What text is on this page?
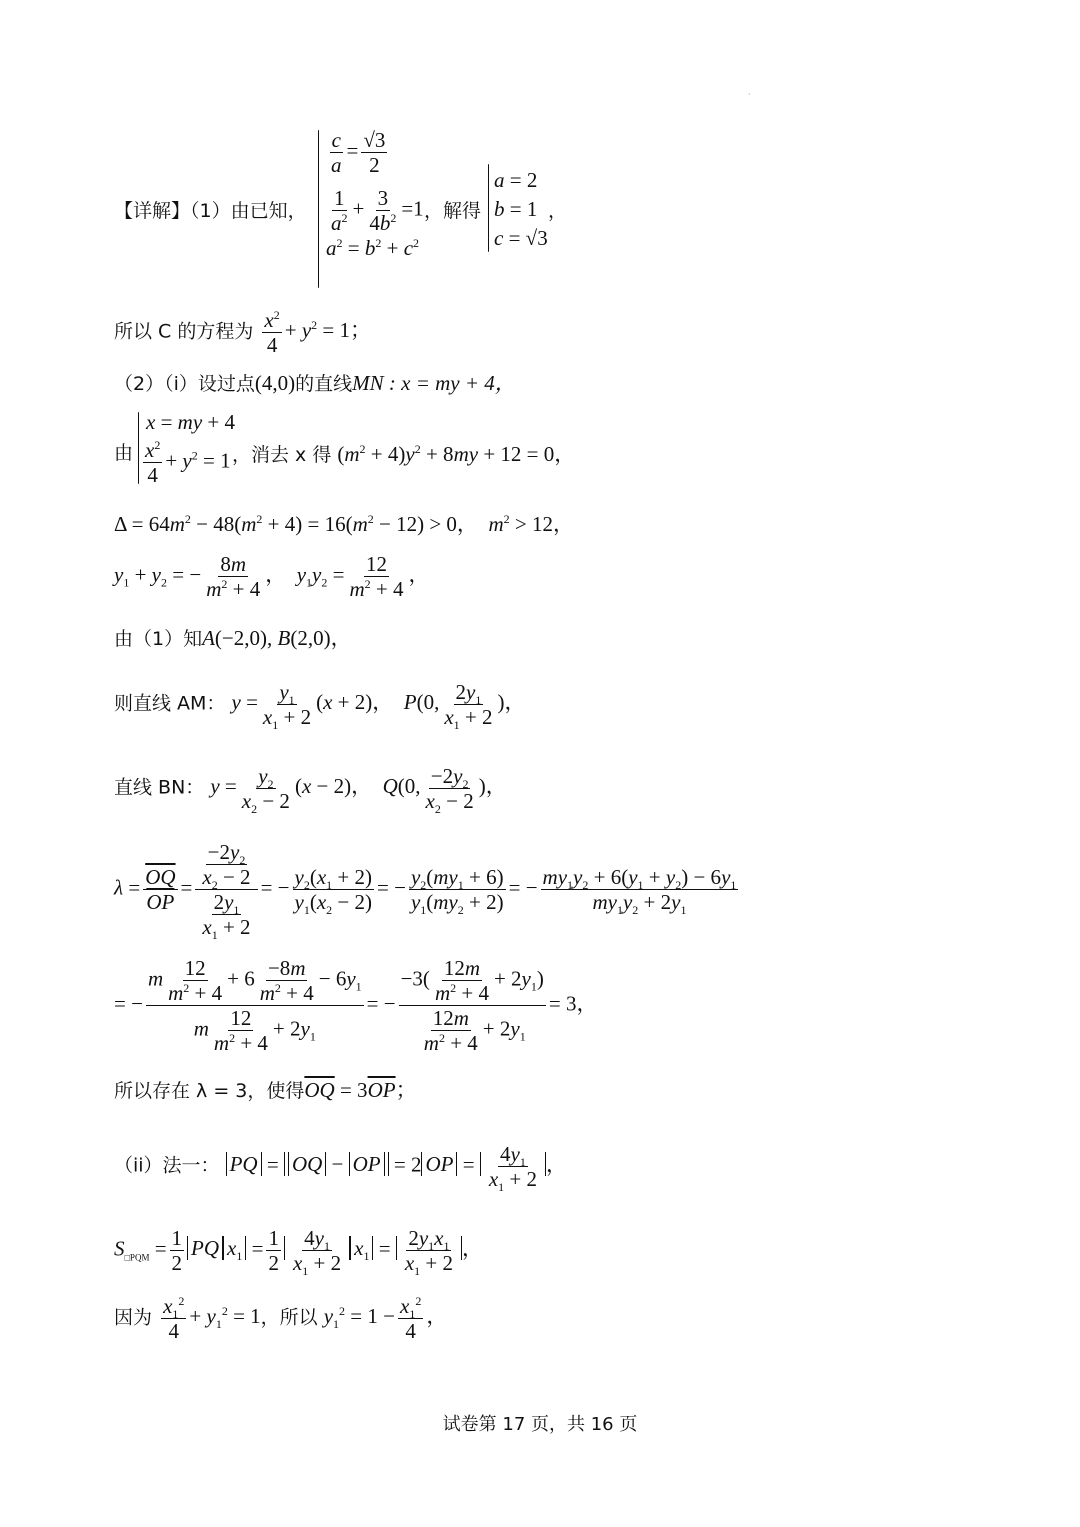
·
【详解】（1）由已知，
$\frac{c}{a} = \frac{√3}{2}$
$\frac{1}{a^2} + \frac{3}{4b^2} =1$
$a^2 = b^2 + c^2$
，解得
a = 2
b = 1
c = √3
，
所以 C 的方程为 $\frac{x^2}{4} + y^2 = 1$；
（2）（i）设过点(4,0)的直线MN : x = my + 4，
由
x = my + 4
$\frac{x^2}{4} + y^2 = 1$ ，消去 x 得 $(m^2 + 4)y^2 + 8my + 12 = 0$，
$\Delta = 64m^2 - 48(m^2 + 4) = 16(m^2 - 12) > 0$，  $m^2 > 12$，
$y_1 + y_2$ = − $\frac{8m}{m^2 + 4}$ ，  $y_1y_2 = \frac{12}{m^2 + 4}$ ，
由（1）知A(−2,0), B(2,0)，
则直线 AM： $y = \frac{y_1}{x_1 + 2} (x + 2)$，  P(0, $\frac{2y_1}{x_1 + 2}$ )，
直线 BN： $y = \frac{y_2}{x_2 - 2} (x - 2)$，  Q(0, $\frac{-2y_2}{x_2 - 2}$ )，
$\lambda = \frac{\overline{OQ}}{OP} = \frac{\frac{-2y_2}{x_2 - 2}}{\frac{2y_1}{x_1 + 2}}$ = − $\frac{y_2(x_1 + 2)}{y_1(x_2 - 2)}$ = − $\frac{y_2(my_1 + 6)}{y_1(my_2 + 2)}$ = − $\frac{my_1y_2 + 6(y_1 + y_2) - 6y_1}{my_1y_2 + 2y_1}$
= − $\frac{m \frac{12}{m^2 + 4} + 6 \frac{-8m}{m^2 + 4} - 6y_1}{m \frac{12}{m^2 + 4} + 2y_1}$ = − $\frac{-3( \frac{12m}{m^2 + 4} + 2y_1)}{\frac{12m}{m^2 + 4} + 2y_1} = 3$，
所以存在 λ = 3，使得$\overline{OQ} = 3\overline{OP}$；
（ii）法一： PQ = OQ − OP = 2 OP = $\frac{4y_1}{x_1 + 2}$ ，
$S_{□PQM} = \frac{1}{2}$ PQ $x_1 = \frac{1}{2} \frac{4y_1}{x_1 + 2} x_1 = \frac{2y_1x_1}{x_1 + 2}$ ，
因为 $\frac{x_1^2}{4} + y_1^2 = 1$，所以 $y_1^2 = 1 - \frac{x_1^2}{4}$ ，
试卷第 17 页，共 16 页
